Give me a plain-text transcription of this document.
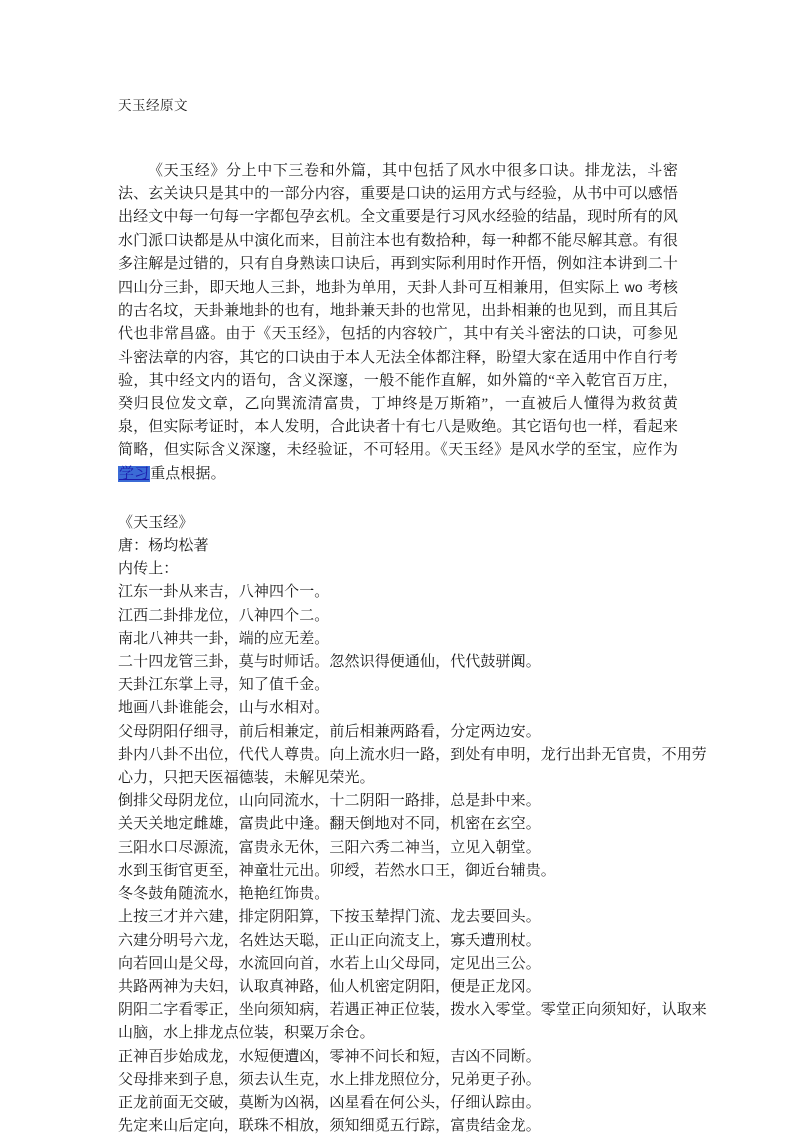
天玉经原文

《天玉经》分上中下三卷和外篇，其中包括了风水中很多口诀。排龙法，斗密法、玄关诀只是其中的一部分内容，重要是口诀的运用方式与经验，从书中可以感悟出经文中每一句每一字都包孕玄机。全文重要是行习风水经验的结晶，现时所有的风水门派口诀都是从中演化而来，目前注本也有数拾种，每一种都不能尽解其意。有很多注解是过错的，只有自身熟读口诀后，再到实际利用时作开悟，例如注本讲到二十四山分三卦，即天地人三卦，地卦为单用，天卦人卦可互相兼用，但实际上 wo 考核的古名坟，天卦兼地卦的也有，地卦兼天卦的也常见，出卦相兼的也见到，而且其后代也非常昌盛。由于《天玉经》，包括的内容较广，其中有关斗密法的口诀，可参见斗密法章的内容，其它的口诀由于本人无法全体都注释，盼望大家在适用中作自行考验，其中经文内的语句，含义深邃，一般不能作直解，如外篇的“辛入乾官百万庄，癸归艮位发文章，乙向巽流清富贵，丁坤终是万斯箱”，一直被后人懂得为救贫黄泉，但实际考证时，本人发明，合此诀者十有七八是败绝。其它语句也一样，看起来简略，但实际含义深邃，未经验证，不可轻用。《天玉经》是风水学的至宝，应作为学习重点根据。

《天玉经》

唐：杨均松著

内传上：

江东一卦从来吉，八神四个一。

江西二卦排龙位，八神四个二。

南北八神共一卦，端的应无差。

二十四龙管三卦，莫与时师话。忽然识得便通仙，代代鼓骈阗。

天卦江东掌上寻，知了值千金。

地画八卦谁能会，山与水相对。

父母阴阳仔细寻，前后相兼定，前后相兼两路看，分定两边安。

卦内八卦不出位，代代人尊贵。向上流水归一路，到处有申明，龙行出卦无官贵，不用劳

心力，只把天医福德装，未解见荣光。

倒排父母阴龙位，山向同流水，十二阴阳一路排，总是卦中来。

关天关地定雌雄，富贵此中逢。翻天倒地对不同，机密在玄空。

三阳水口尽源流，富贵永无休，三阳六秀二神当，立见入朝堂。

水到玉街官更至，神童壮元出。卯绶，若然水口王，御近台辅贵。

冬冬鼓角随流水，艳艳红饰贵。

上按三才并六建，排定阴阳算，下按玉辇捍门流、龙去要回头。

六建分明号六龙，名姓达天聪，正山正向流支上，寡夭遭刑杖。

向若回山是父母，水流回向首，水若上山父母同，定见出三公。

共路两神为夫妇，认取真神路，仙人机密定阴阳，便是正龙冈。

阴阳二字看零正，坐向须知病，若遇正神正位装，拨水入零堂。零堂正向须知好，认取来

山脑，水上排龙点位装，积粟万余仓。

正神百步始成龙，水短便遭凶，零神不问长和短，吉凶不同断。

父母排来到子息，须去认生克，水上排龙照位分，兄弟更子孙。

正龙前面无交破，莫断为凶祸，凶星看在何公头，仔细认踪由。

先定来山后定向，联珠不相放，须知细觅五行踪，富贵结金龙。
